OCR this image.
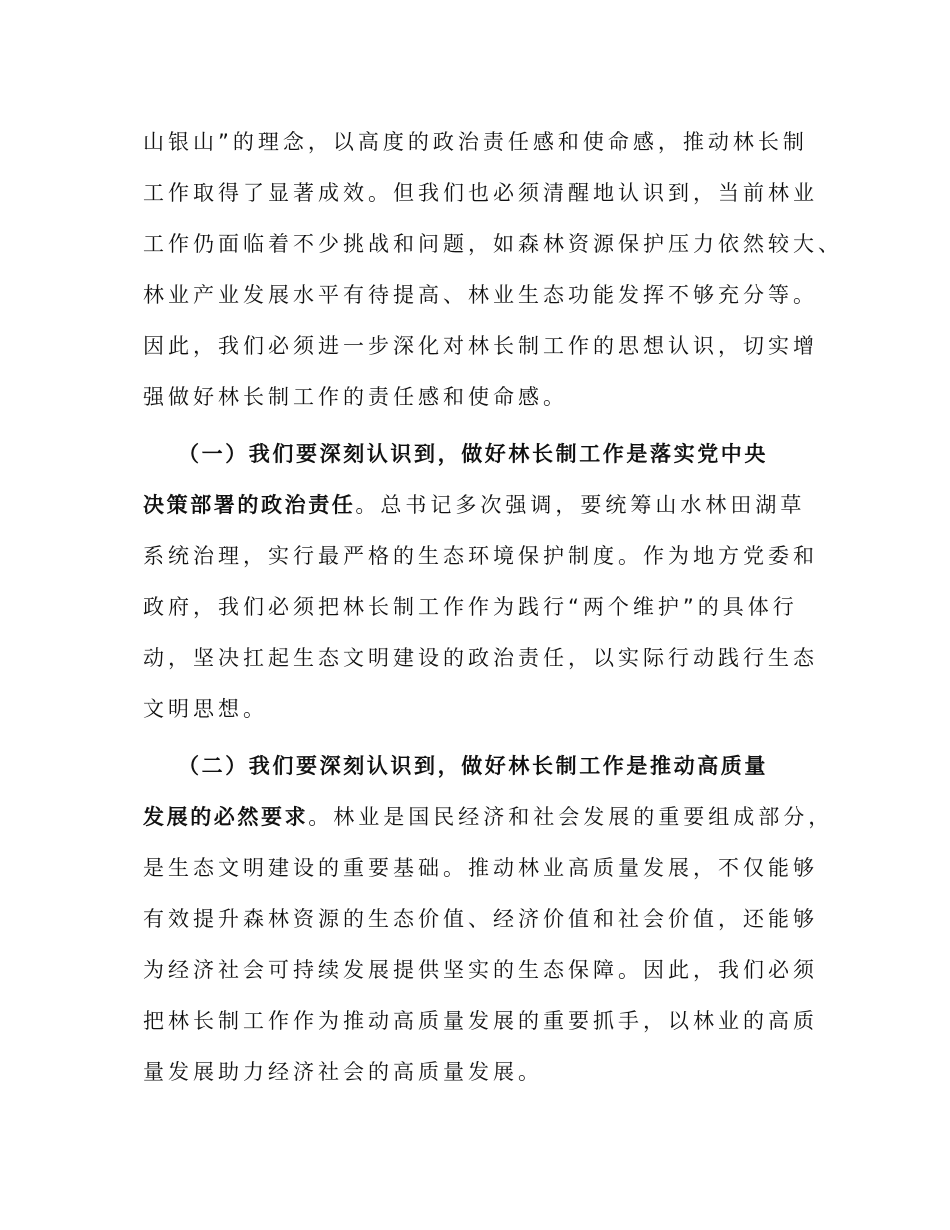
山银山”的理念，以高度的政治责任感和使命感，推动林长制
工作取得了显著成效。但我们也必须清醒地认识到，当前林业
工作仍面临着不少挑战和问题，如森林资源保护压力依然较大、
林业产业发展水平有待提高、林业生态功能发挥不够充分等。
因此，我们必须进一步深化对林长制工作的思想认识，切实增
强做好林长制工作的责任感和使命感。
（一）我们要深刻认识到，做好林长制工作是落实党中央
决策部署的政治责任。总书记多次强调，要统筹山水林田湖草
系统治理，实行最严格的生态环境保护制度。作为地方党委和
政府，我们必须把林长制工作作为践行“两个维护”的具体行
动，坚决扛起生态文明建设的政治责任，以实际行动践行生态
文明思想。
（二）我们要深刻认识到，做好林长制工作是推动高质量
发展的必然要求。林业是国民经济和社会发展的重要组成部分，
是生态文明建设的重要基础。推动林业高质量发展，不仅能够
有效提升森林资源的生态价值、经济价值和社会价值，还能够
为经济社会可持续发展提供坚实的生态保障。因此，我们必须
把林长制工作作为推动高质量发展的重要抓手，以林业的高质
量发展助力经济社会的高质量发展。
